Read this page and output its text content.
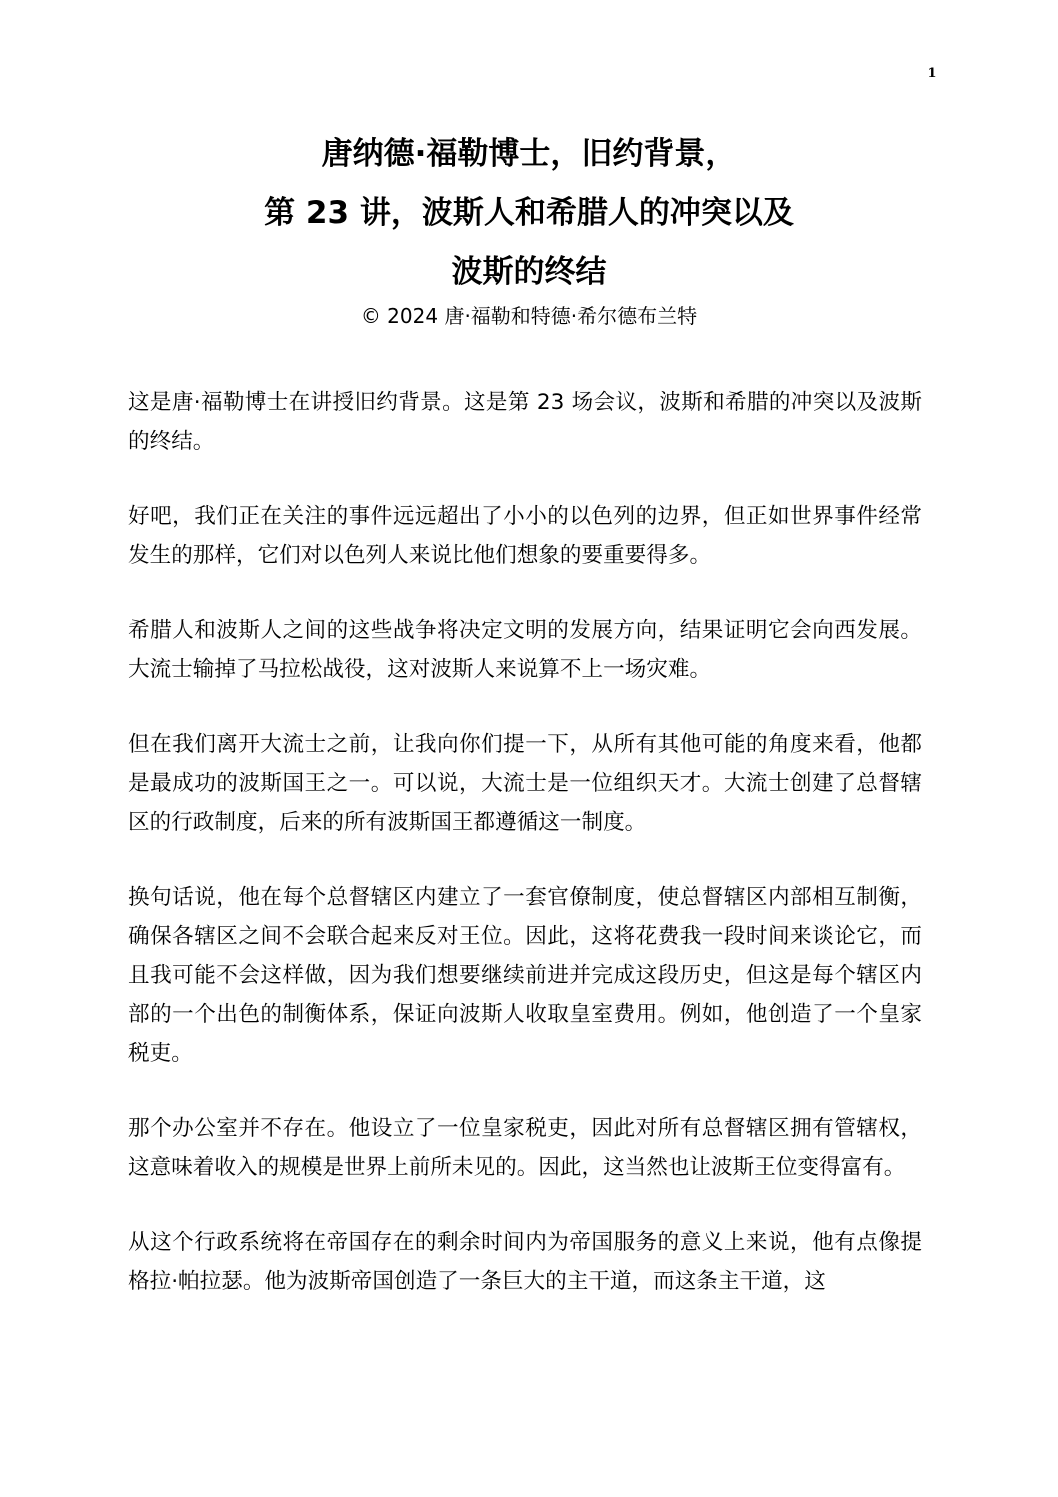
1
唐纳德·福勒博士，旧约背景，
第 23 讲，波斯人和希腊人的冲突以及
波斯的终结
© 2024 唐·福勒和特德·希尔德布兰特

这是唐·福勒博士在讲授旧约背景。这是第 23 场会议，波斯和希腊的冲突以及波斯的终结。

好吧，我们正在关注的事件远远超出了小小的以色列的边界，但正如世界事件经常发生的那样，它们对以色列人来说比他们想象的要重要得多。

希腊人和波斯人之间的这些战争将决定文明的发展方向，结果证明它会向西发展。大流士输掉了马拉松战役，这对波斯人来说算不上一场灾难。

但在我们离开大流士之前，让我向你们提一下，从所有其他可能的角度来看，他都是最成功的波斯国王之一。可以说，大流士是一位组织天才。大流士创建了总督辖区的行政制度，后来的所有波斯国王都遵循这一制度。

换句话说，他在每个总督辖区内建立了一套官僚制度，使总督辖区内部相互制衡，确保各辖区之间不会联合起来反对王位。因此，这将花费我一段时间来谈论它，而且我可能不会这样做，因为我们想要继续前进并完成这段历史，但这是每个辖区内部的一个出色的制衡体系，保证向波斯人收取皇室费用。例如，他创造了一个皇家税吏。

那个办公室并不存在。他设立了一位皇家税吏，因此对所有总督辖区拥有管辖权，这意味着收入的规模是世界上前所未见的。因此，这当然也让波斯王位变得富有。

从这个行政系统将在帝国存在的剩余时间内为帝国服务的意义上来说，他有点像提格拉·帕拉瑟。他为波斯帝国创造了一条巨大的主干道，而这条主干道，这
